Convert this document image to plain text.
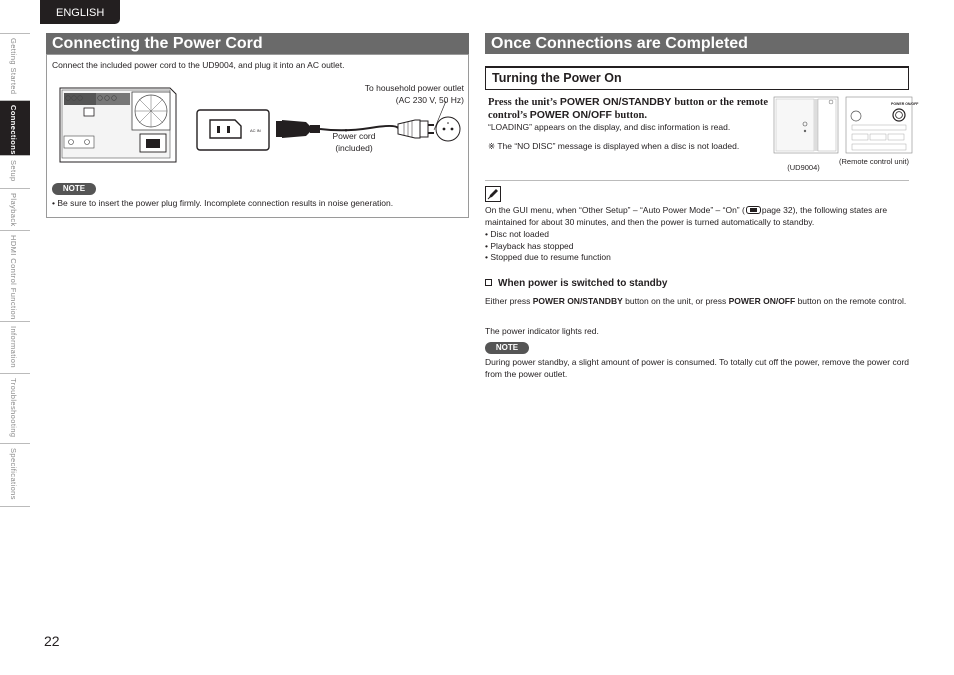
ENGLISH
Getting Started
Connections
Setup
Playback
HDMI Control Function
Information
Troubleshooting
Specifications
22
Connecting the Power Cord
Connect the included power cord to the UD9004, and plug it into an AC outlet.
AC IN
To household power outlet (AC 230 V, 50 Hz)
Power cord (included)
NOTE
• Be sure to insert the power plug firmly. Incomplete connection results in noise generation.
Once Connections are Completed
Turning the Power On
Press the unit’s POWER ON/STANDBY button or the remote control’s POWER ON/OFF button.
“LOADING” appears on the display, and disc information is read.
※ The “NO DISC” message is displayed when a disc is not loaded.
POWER ON/OFF
(UD9004)
(Remote control unit)
On the GUI menu, when “Other Setup” – “Auto Power Mode” – “On” ( page 32), the following states are maintained for about 30 minutes, and then the power is turned automatically to standby.
• Disc not loaded
• Playback has stopped
• Stopped due to resume function
When power is switched to standby
Either press POWER ON/STANDBY button on the unit, or press POWER ON/OFF button on the remote control.
The power indicator lights red.
NOTE
During power standby, a slight amount of power is consumed. To totally cut off the power, remove the power cord from the power outlet.
